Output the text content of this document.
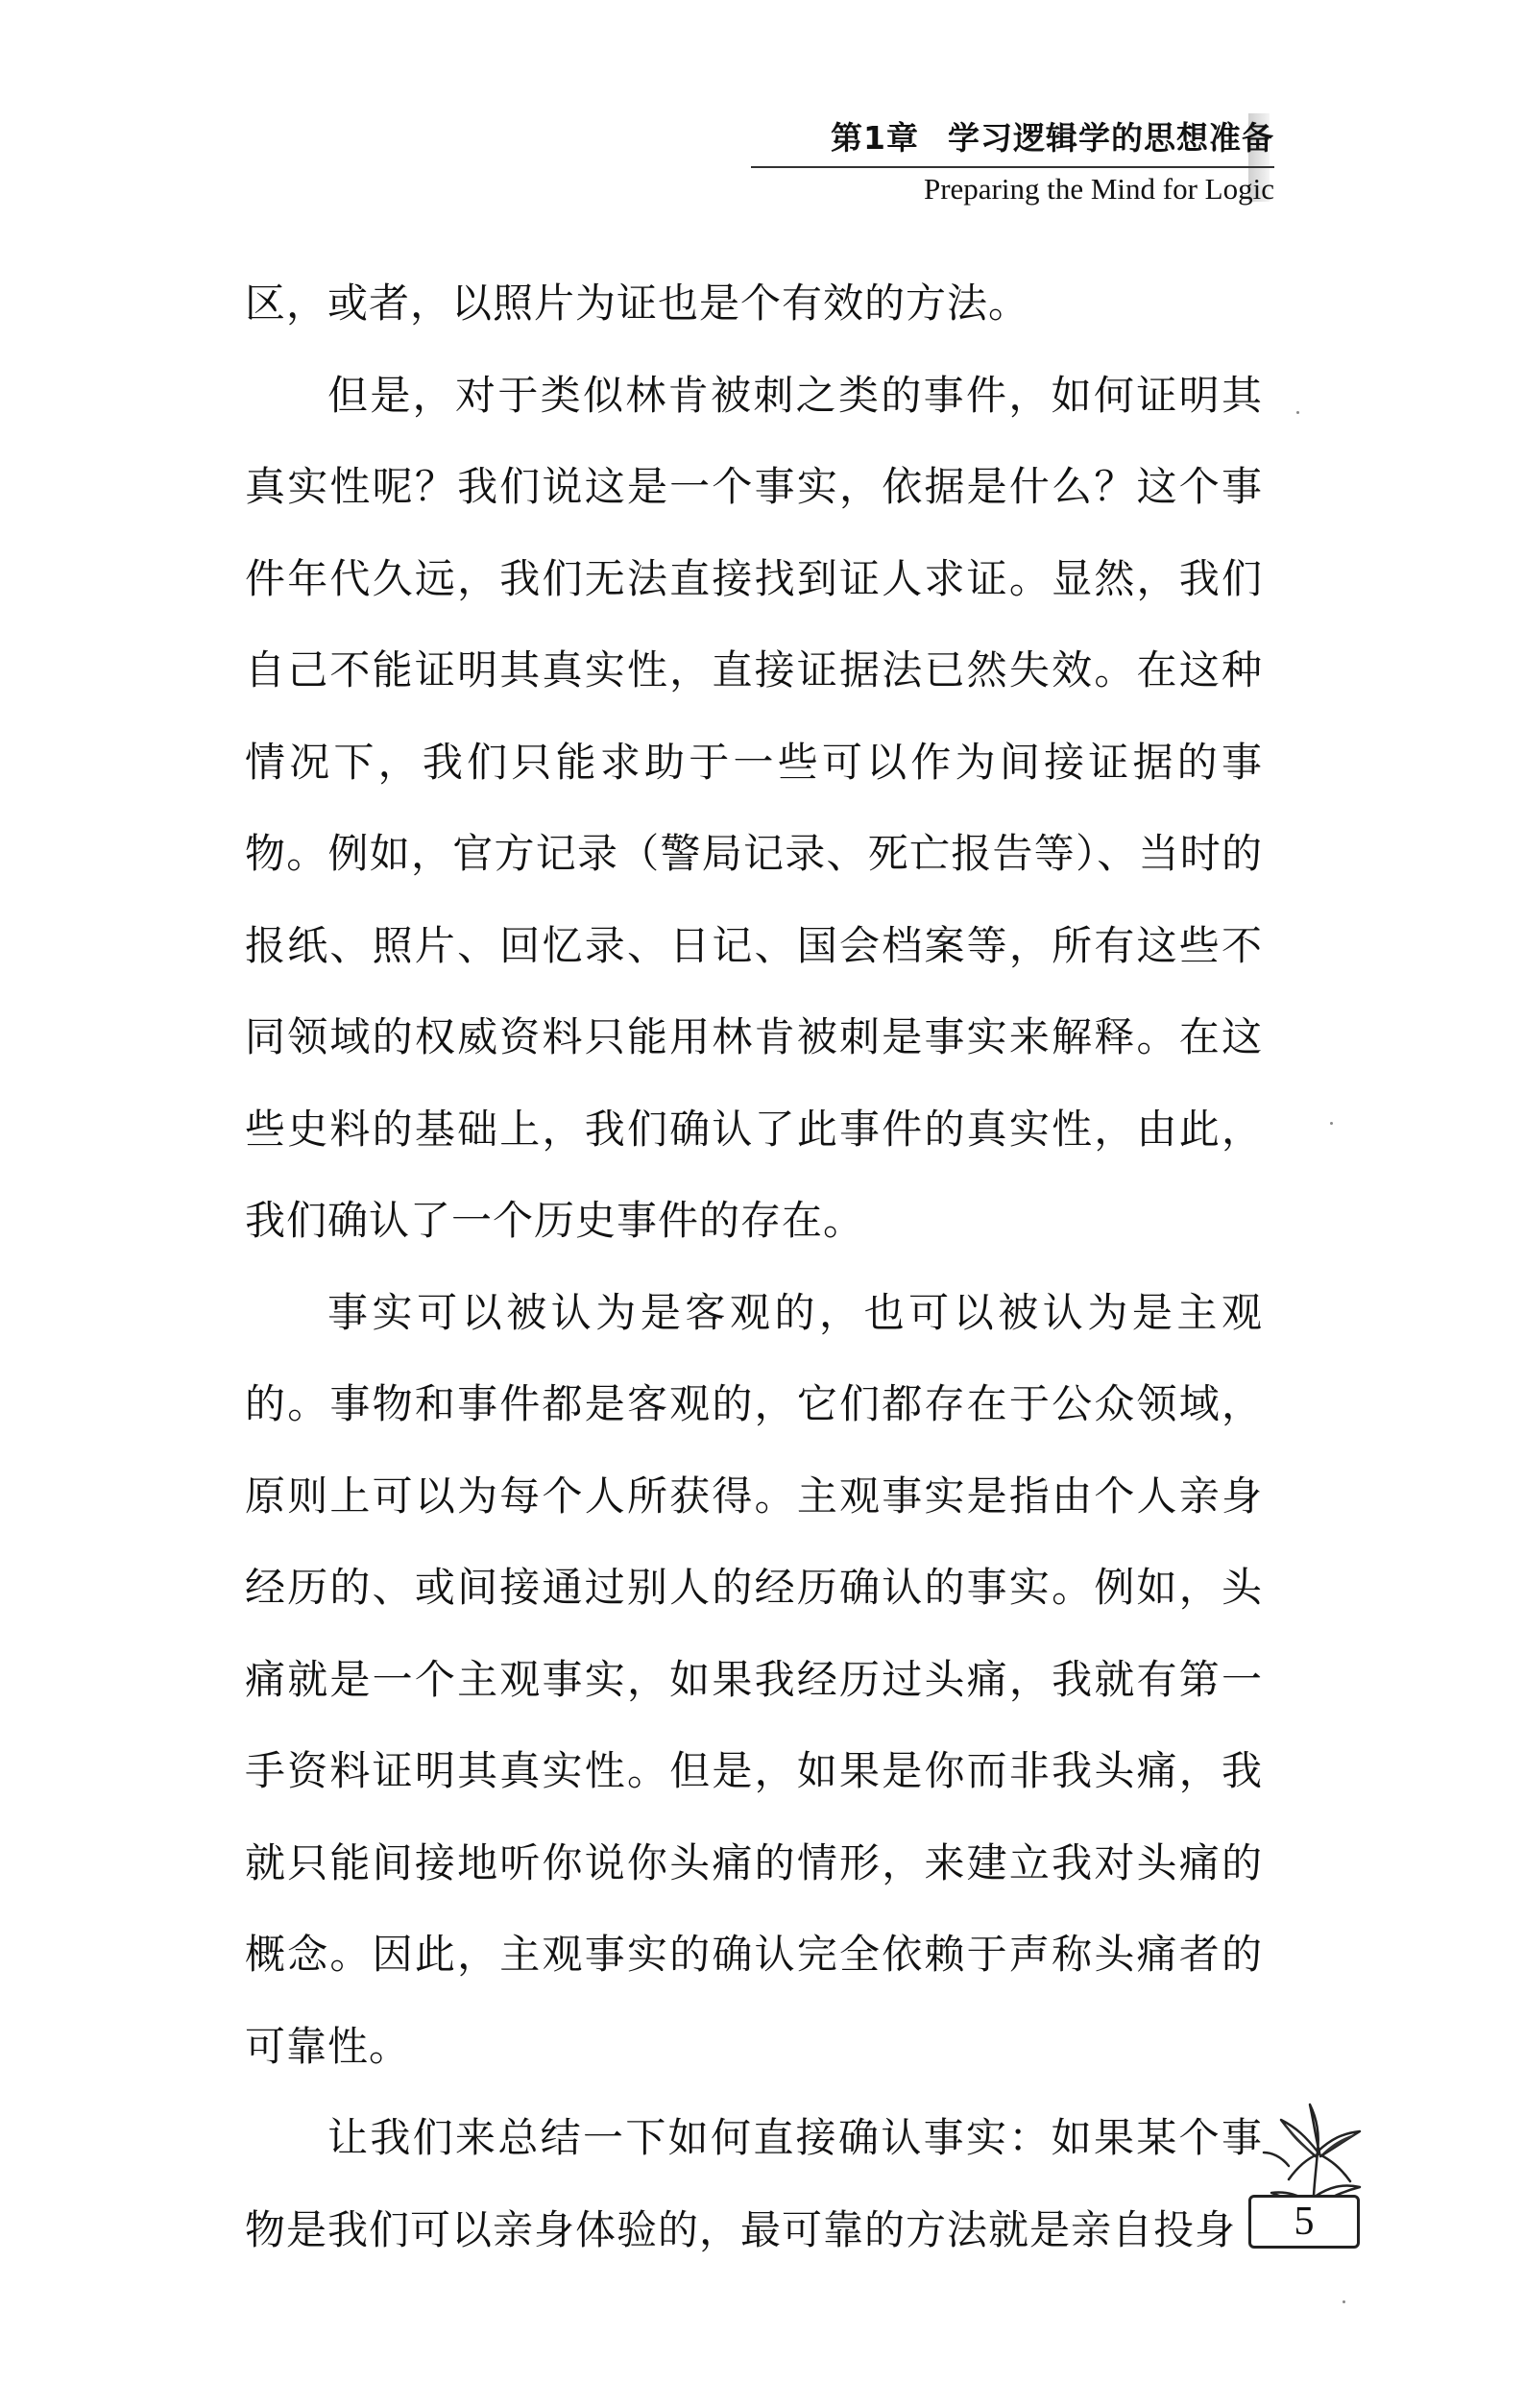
第1章 学习逻辑学的思想准备
Preparing the Mind for Logic

区，或者，以照片为证也是个有效的方法。

但是，对于类似林肯被刺之类的事件，如何证明其真实性呢？我们说这是一个事实，依据是什么？这个事件年代久远，我们无法直接找到证人求证。显然，我们自己不能证明其真实性，直接证据法已然失效。在这种情况下，我们只能求助于一些可以作为间接证据的事物。例如，官方记录（警局记录、死亡报告等）、当时的报纸、照片、回忆录、日记、国会档案等，所有这些不同领域的权威资料只能用林肯被刺是事实来解释。在这些史料的基础上，我们确认了此事件的真实性，由此，我们确认了一个历史事件的存在。

事实可以被认为是客观的，也可以被认为是主观的。事物和事件都是客观的，它们都存在于公众领域，原则上可以为每个人所获得。主观事实是指由个人亲身经历的、或间接通过别人的经历确认的事实。例如，头痛就是一个主观事实，如果我经历过头痛，我就有第一手资料证明其真实性。但是，如果是你而非我头痛，我就只能间接地听你说你头痛的情形，来建立我对头痛的概念。因此，主观事实的确认完全依赖于声称头痛者的可靠性。

让我们来总结一下如何直接确认事实：如果某个事物是我们可以亲身体验的，最可靠的方法就是亲自投身	5
